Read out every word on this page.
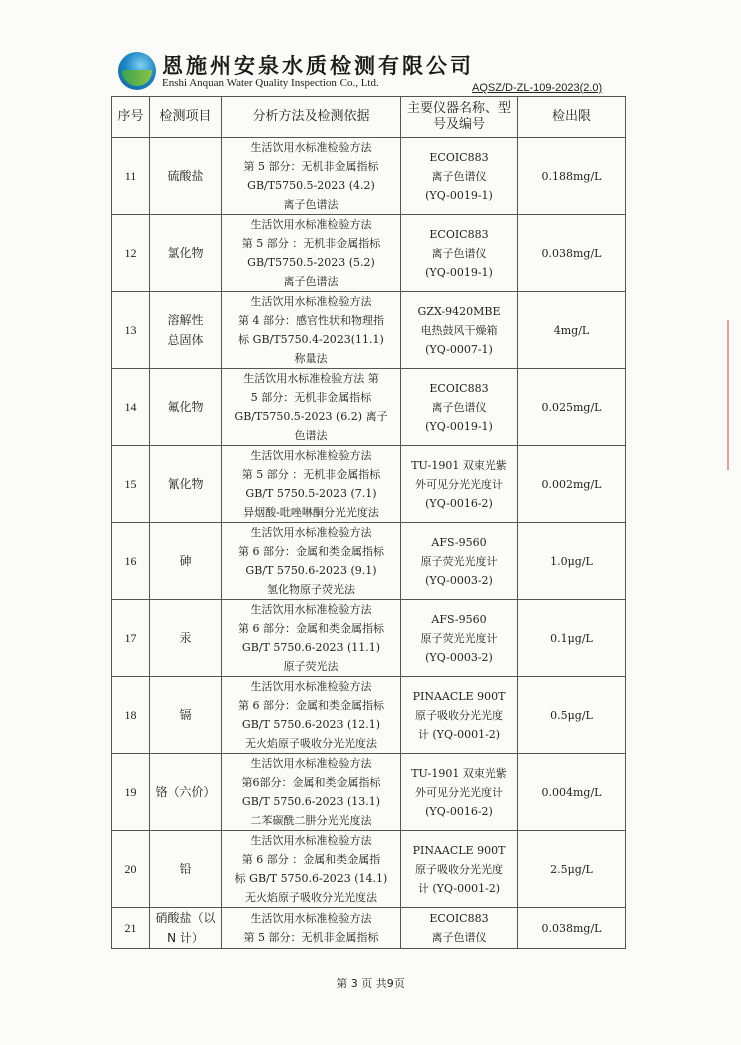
恩施州安泉水质检测有限公司
Enshi Anquan Water Quality Inspection Co., Ltd.	AQSZ/D-ZL-109-2023(2.0)
序号	检测项目	分析方法及检测依据	主要仪器名称、型号及编号	检出限
11	硫酸盐	生活饮用水标准检验方法
第 5 部分：无机非金属指标
GB/T5750.5-2023 (4.2)
离子色谱法	ECOIC883
离子色谱仪
(YQ-0019-1)	0.188mg/L
12	氯化物	生活饮用水标准检验方法
第 5 部分 ：无机非金属指标
GB/T5750.5-2023 (5.2)
离子色谱法	ECOIC883
离子色谱仪
(YQ-0019-1)	0.038mg/L
13	溶解性
总固体	生活饮用水标准检验方法
第 4 部分：感官性状和物理指
标 GB/T5750.4-2023(11.1)
称量法	GZX-9420MBE
电热鼓风干燥箱
(YQ-0007-1)	4mg/L
14	氟化物	生活饮用水标准检验方法 第
5 部分：无机非金属指标
GB/T5750.5-2023 (6.2) 离子
色谱法	ECOIC883
离子色谱仪
(YQ-0019-1)	0.025mg/L
15	氰化物	生活饮用水标准检验方法
第 5 部分 ：无机非金属指标
GB/T 5750.5-2023 (7.1)
异烟酸-吡唑啉酮分光光度法	TU-1901 双束光紫
外可见分光光度计
(YQ-0016-2)	0.002mg/L
16	砷	生活饮用水标准检验方法
第 6 部分：金属和类金属指标
GB/T 5750.6-2023 (9.1)
氢化物原子荧光法	AFS-9560
原子荧光光度计
(YQ-0003-2)	1.0μg/L
17	汞	生活饮用水标准检验方法
第 6 部分：金属和类金属指标
GB/T 5750.6-2023 (11.1)
原子荧光法	AFS-9560
原子荧光光度计
(YQ-0003-2)	0.1μg/L
18	镉	生活饮用水标准检验方法
第 6 部分：金属和类金属指标
GB/T 5750.6-2023 (12.1)
无火焰原子吸收分光光度法	PINAACLE 900T
原子吸收分光光度
计 (YQ-0001-2)	0.5μg/L
19	铬（六价）	生活饮用水标准检验方法
第6部分：金属和类金属指标
GB/T 5750.6-2023 (13.1)
二苯碳酰二肼分光光度法	TU-1901 双束光紫
外可见分光光度计
(YQ-0016-2)	0.004mg/L
20	铅	生活饮用水标准检验方法
第 6 部分 ：金属和类金属指
标 GB/T 5750.6-2023 (14.1)
无火焰原子吸收分光光度法	PINAACLE 900T
原子吸收分光光度
计 (YQ-0001-2)	2.5μg/L
21	硝酸盐（以
N 计）	生活饮用水标准检验方法
第 5 部分：无机非金属指标	ECOIC883
离子色谱仪	0.038mg/L
第 3 页 共9页
